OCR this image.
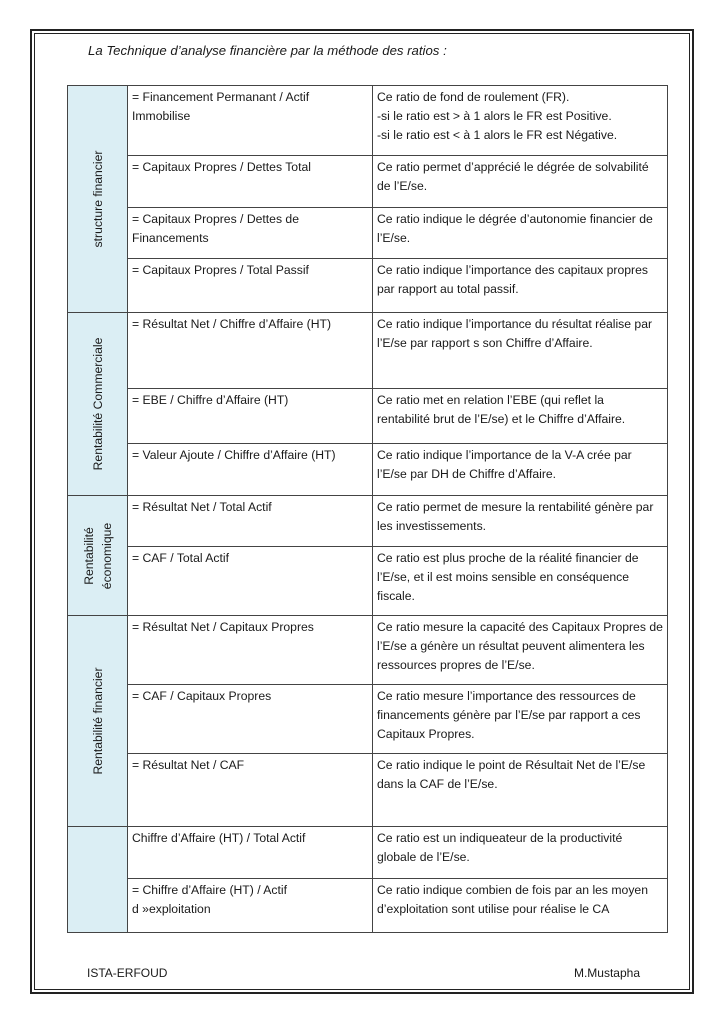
La Technique d’analyse financière par la méthode des ratios :
structure financier	= Financement Permanant / Actif
Immobilise	Ce ratio de fond de roulement (FR).
-si le ratio est > à 1 alors le FR est Positive.
-si le ratio est < à 1 alors le FR est Négative.

	= Capitaux Propres / Dettes Total	Ce ratio permet d’apprécié le dégrée de solvabilité
de l’E/se.

	= Capitaux Propres / Dettes de
Financements	Ce ratio indique le dégrée d’autonomie financier de
l’E/se.

	= Capitaux Propres / Total Passif	Ce ratio indique l’importance des capitaux propres
par rapport au total passif.

Rentabilité Commerciale	= Résultat Net / Chiffre d’Affaire (HT)	Ce ratio indique l’importance du résultat réalise par
l’E/se par rapport s son Chiffre d’Affaire.

	= EBE / Chiffre d’Affaire (HT)	Ce ratio met en relation l’EBE (qui reflet la
rentabilité brut de l’E/se) et le Chiffre d’Affaire.

	= Valeur Ajoute / Chiffre d’Affaire (HT)	Ce ratio indique l’importance de la V-A crée par
l’E/se par DH de Chiffre d’Affaire.

Rentabilité
économique	= Résultat Net / Total Actif	Ce ratio permet de mesure la rentabilité génère par
les investissements.

	= CAF / Total Actif	Ce ratio est plus proche de la réalité financier de
l’E/se, et il est moins sensible en conséquence
fiscale.

Rentabilité financier	= Résultat Net / Capitaux Propres	Ce ratio mesure la capacité des Capitaux Propres de
l’E/se a génère un résultat peuvent alimentera les
ressources propres de l’E/se.

	= CAF / Capitaux Propres	Ce ratio mesure l’importance des ressources de
financements génère par l’E/se par rapport a ces
Capitaux Propres.

	= Résultat Net / CAF	Ce ratio indique le point de Résultait Net de l’E/se
dans la CAF de l’E/se.

	Chiffre d’Affaire (HT) / Total Actif	Ce ratio est un indiqueateur de la productivité
globale de l’E/se.

	= Chiffre d’Affaire (HT) / Actif
d »exploitation	Ce ratio indique combien de fois par an les moyen
d’exploitation sont utilise pour réalise le CA
ISTA-ERFOUD	M.Mustapha
